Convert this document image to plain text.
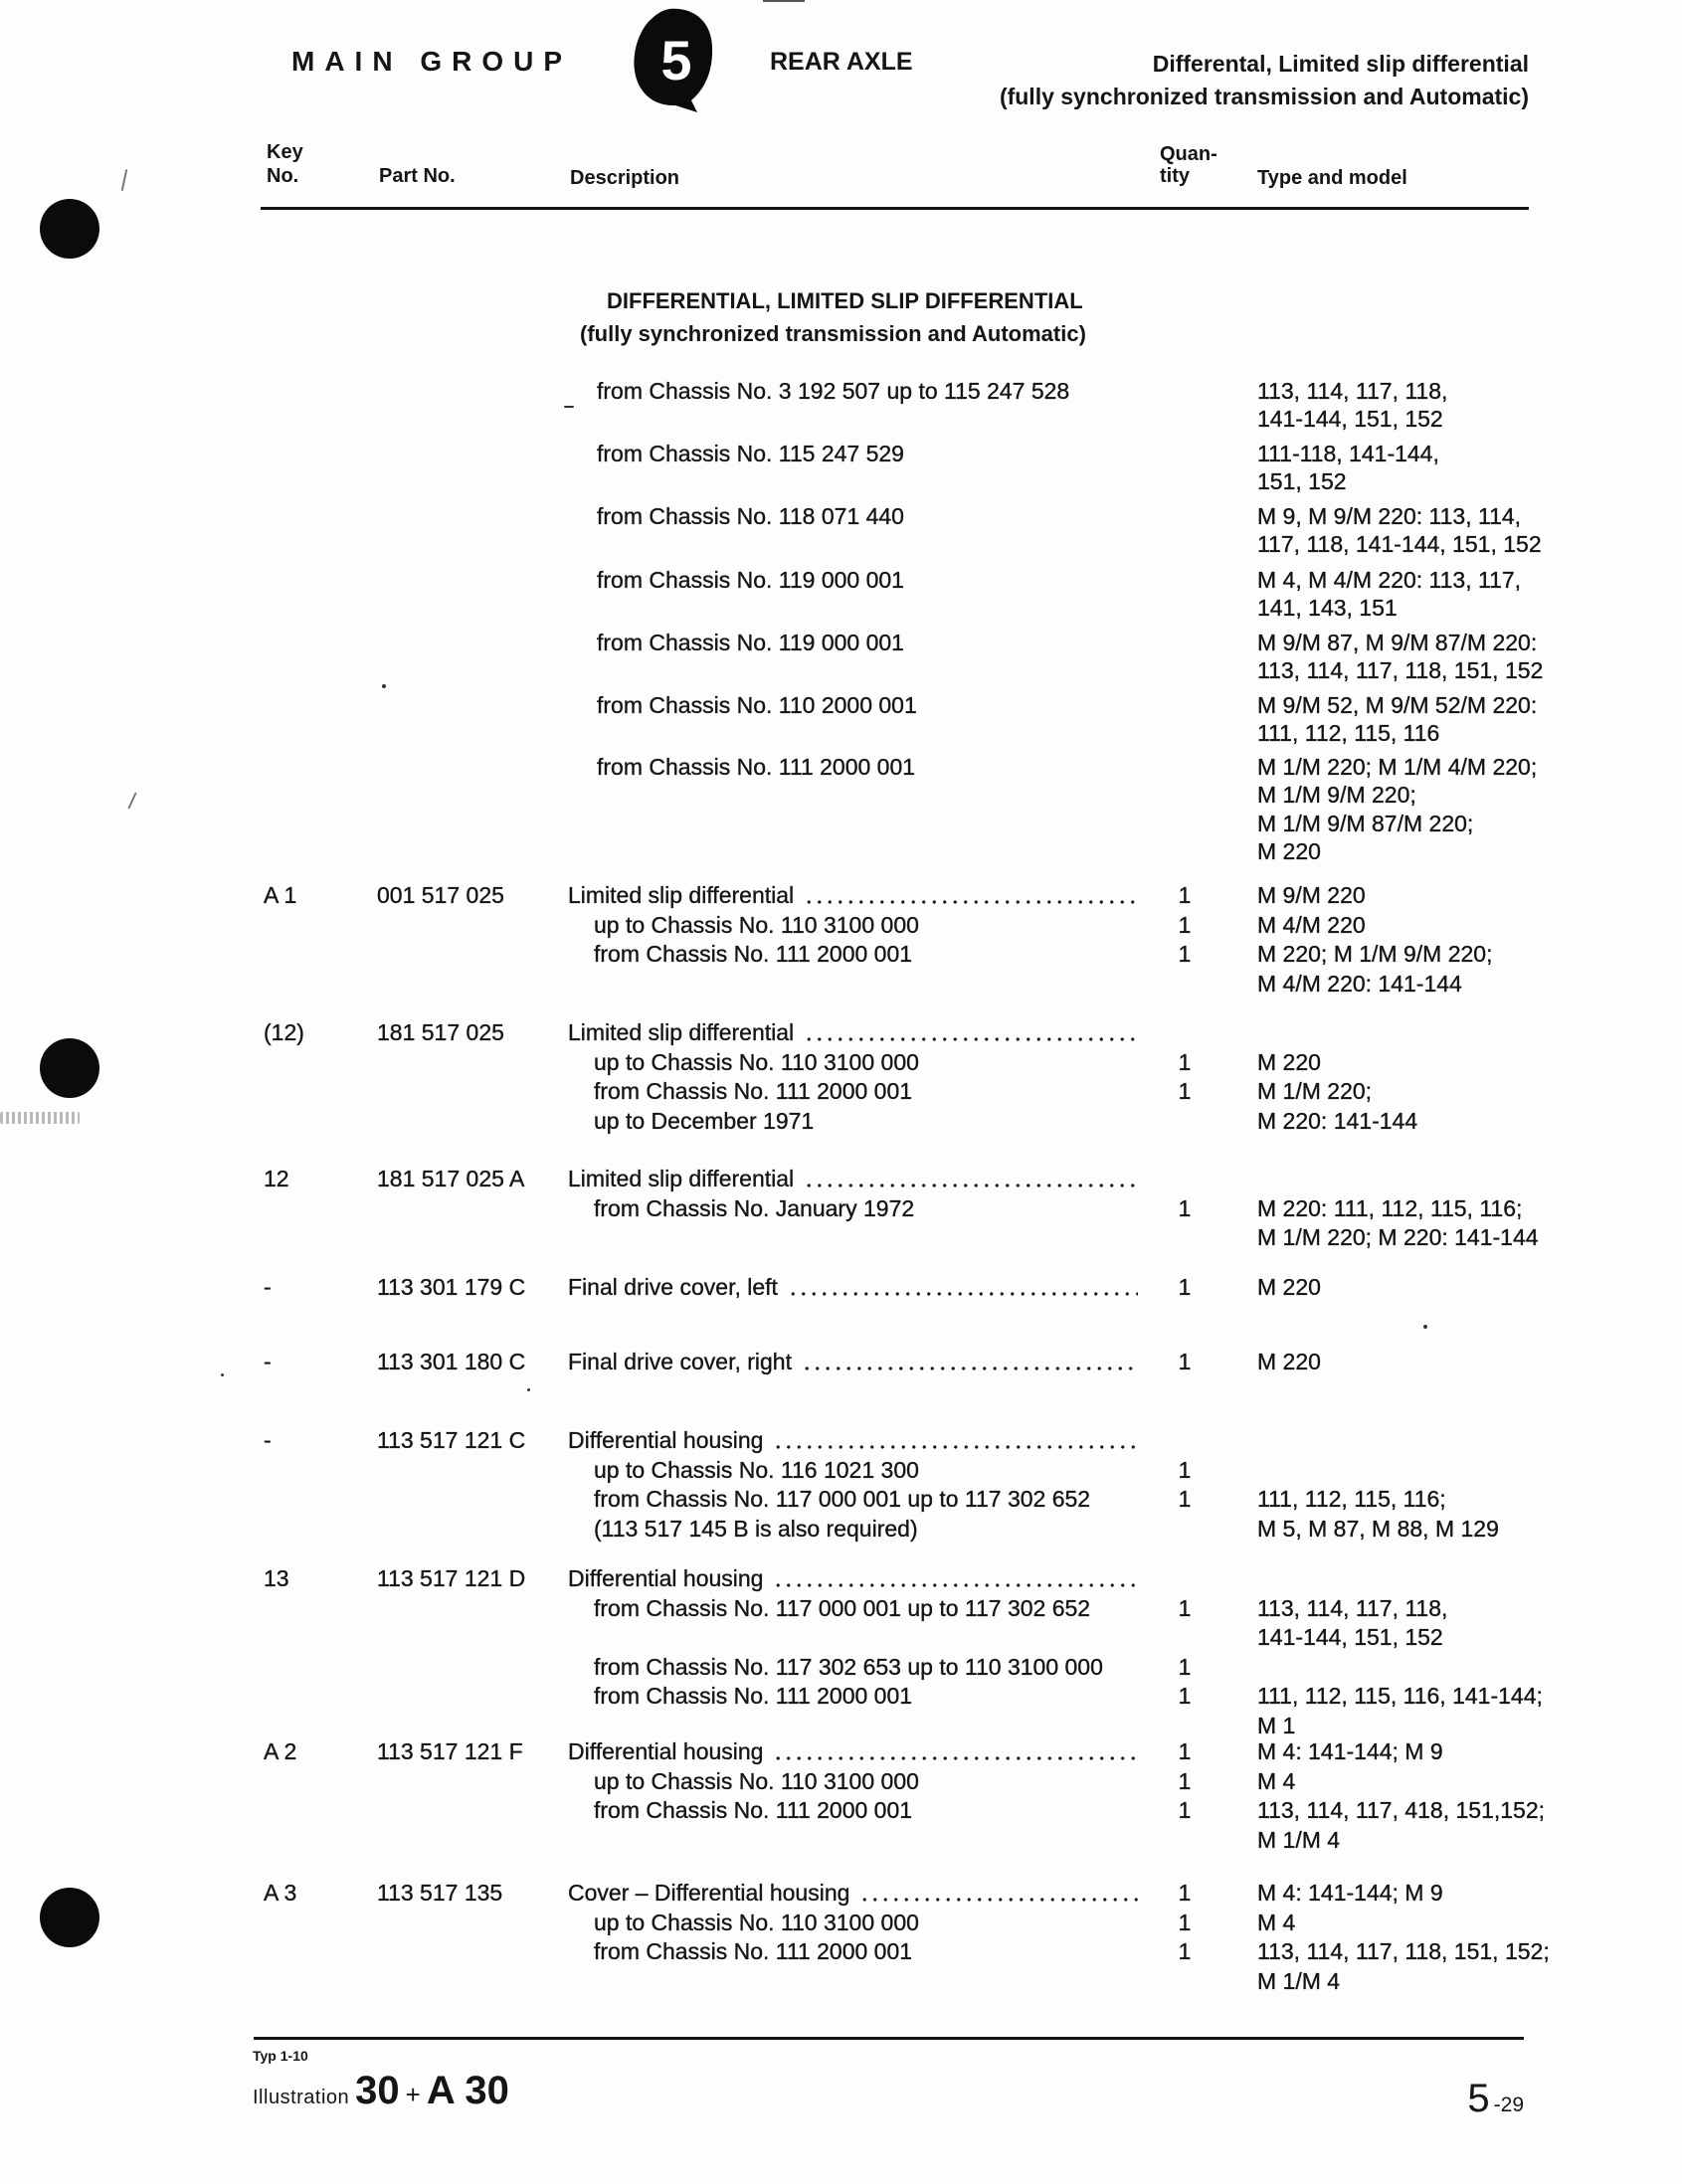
MAIN GROUP 5	REAR AXLE	Differental, Limited slip differential
(fully synchronized transmission and Automatic)
Key
No.	Part No.	Description
Quan-
tity	Type and model
DIFFERENTIAL, LIMITED SLIP DIFFERENTIAL
(fully synchronized transmission and Automatic)
from Chassis No. 3 192 507 up to 115 247 528	113, 114, 117, 118,
141-144, 151, 152
from Chassis No. 115 247 529	111-118, 141-144,
151, 152
from Chassis No. 118 071 440	M 9, M 9/M 220: 113, 114,
117, 118, 141-144, 151, 152
from Chassis No. 119 000 001	M 4, M 4/M 220: 113, 117,
141, 143, 151
from Chassis No. 119 000 001	M 9/M 87, M 9/M 87/M 220:
113, 114, 117, 118, 151, 152
from Chassis No. 110 2000 001	M 9/M 52, M 9/M 52/M 220:
111, 112, 115, 116
from Chassis No. 111 2000 001	M 1/M 220; M 1/M 4/M 220;
M 1/M 9/M 220;
M 1/M 9/M 87/M 220;
M 220
A 1	001 517 025	Limited slip differential	1	M 9/M 220
up to Chassis No. 110 3100 000	1	M 4/M 220
from Chassis No. 111 2000 001	1	M 220; M 1/M 9/M 220;
M 4/M 220: 141-144
(12)	181 517 025	Limited slip differential
up to Chassis No. 110 3100 000	1	M 220
from Chassis No. 111 2000 001	1	M 1/M 220;
up to December 1971	M 220: 141-144
12	181 517 025 A Limited slip differential
from Chassis No. January 1972	1	M 220: 111, 112, 115, 116;
M 1/M 220; M 220: 141-144
-	113 301 179 C Final drive cover, left	1	M 220
-	113 301 180 C Final drive cover, right	1	M 220
-	113 517 121 C Differential housing
up to Chassis No. 116 1021 300	1
from Chassis No. 117 000 001 up to 117 302 652	1	111, 112, 115, 116;
(113 517 145 B is also required)	M 5, M 87, M 88, M 129
13	113 517 121 D Differential housing
from Chassis No. 117 000 001 up to 117 302 652	1	113, 114, 117, 118,
141-144, 151, 152
from Chassis No. 117 302 653 up to 110 3100 000	1
from Chassis No. 111 2000 001	1	111, 112, 115, 116, 141-144;
M 1
A 2	113 517 121 F Differential housing	1	M 4: 141-144; M 9
up to Chassis No. 110 3100 000	1	M 4
from Chassis No. 111 2000 001	1	113, 114, 117, 418, 151,152;
M 1/M 4
A 3	113 517 135	Cover – Differential housing	1	M 4: 141-144; M 9
up to Chassis No. 110 3100 000	1	M 4
from Chassis No. 111 2000 001	1	113, 114, 117, 118, 151, 152;
M 1/M 4
Typ 1-10
Illustration 30 + A 30	5 -29
